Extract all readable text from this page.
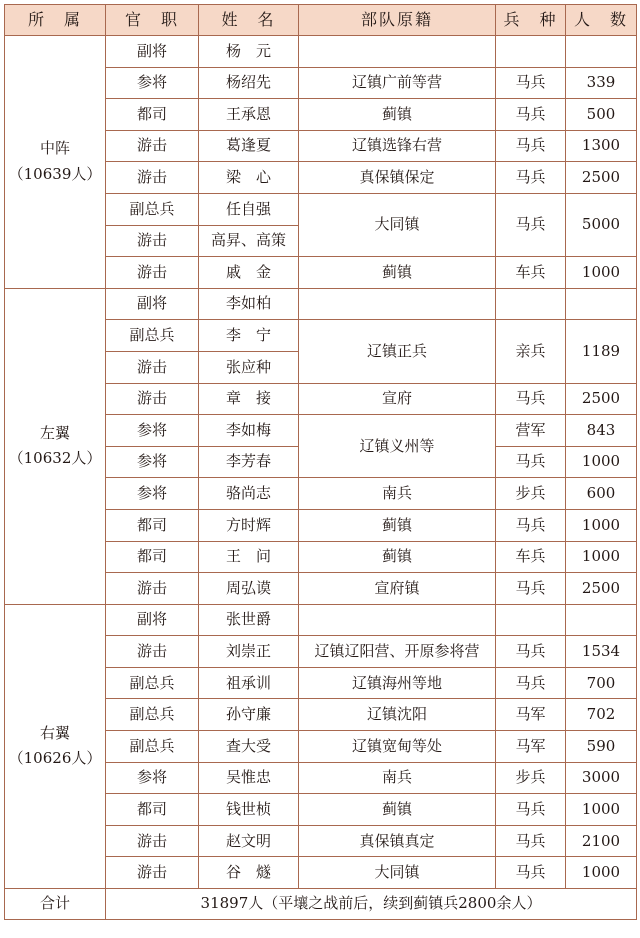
所　属	官　职	姓　名	部队原籍	兵　种	人　数
中阵
（10639人）	副将	杨　元			
	参将	杨绍先	辽镇广前等营	马兵	339
	都司	王承恩	蓟镇	马兵	500
	游击	葛逢夏	辽镇选锋右营	马兵	1300
	游击	梁　心	真保镇保定	马兵	2500
	副总兵	任自强	大同镇	马兵	5000
	游击	高昇、高策			
	游击	戚　金	蓟镇	车兵	1000
左翼
（10632人）	副将	李如柏			
	副总兵	李　宁	辽镇正兵	亲兵	1189
	游击	张应种			
	游击	章　接	宣府	马兵	2500
	参将	李如梅	辽镇义州等	营军	843
	参将	李芳春		马兵	1000
	参将	骆尚志	南兵	步兵	600
	都司	方时辉	蓟镇	马兵	1000
	都司	王　问	蓟镇	车兵	1000
	游击	周弘谟	宣府镇	马兵	2500
右翼
（10626人）	副将	张世爵			
	游击	刘崇正	辽镇辽阳营、开原参将营	马兵	1534
	副总兵	祖承训	辽镇海州等地	马兵	700
	副总兵	孙守廉	辽镇沈阳	马军	702
	副总兵	查大受	辽镇宽甸等处	马军	590
	参将	吴惟忠	南兵	步兵	3000
	都司	钱世桢	蓟镇	马兵	1000
	游击	赵文明	真保镇真定	马兵	2100
	游击	谷　燧	大同镇	马兵	1000
合计	31897人（平壤之战前后，续到蓟镇兵2800余人）				
